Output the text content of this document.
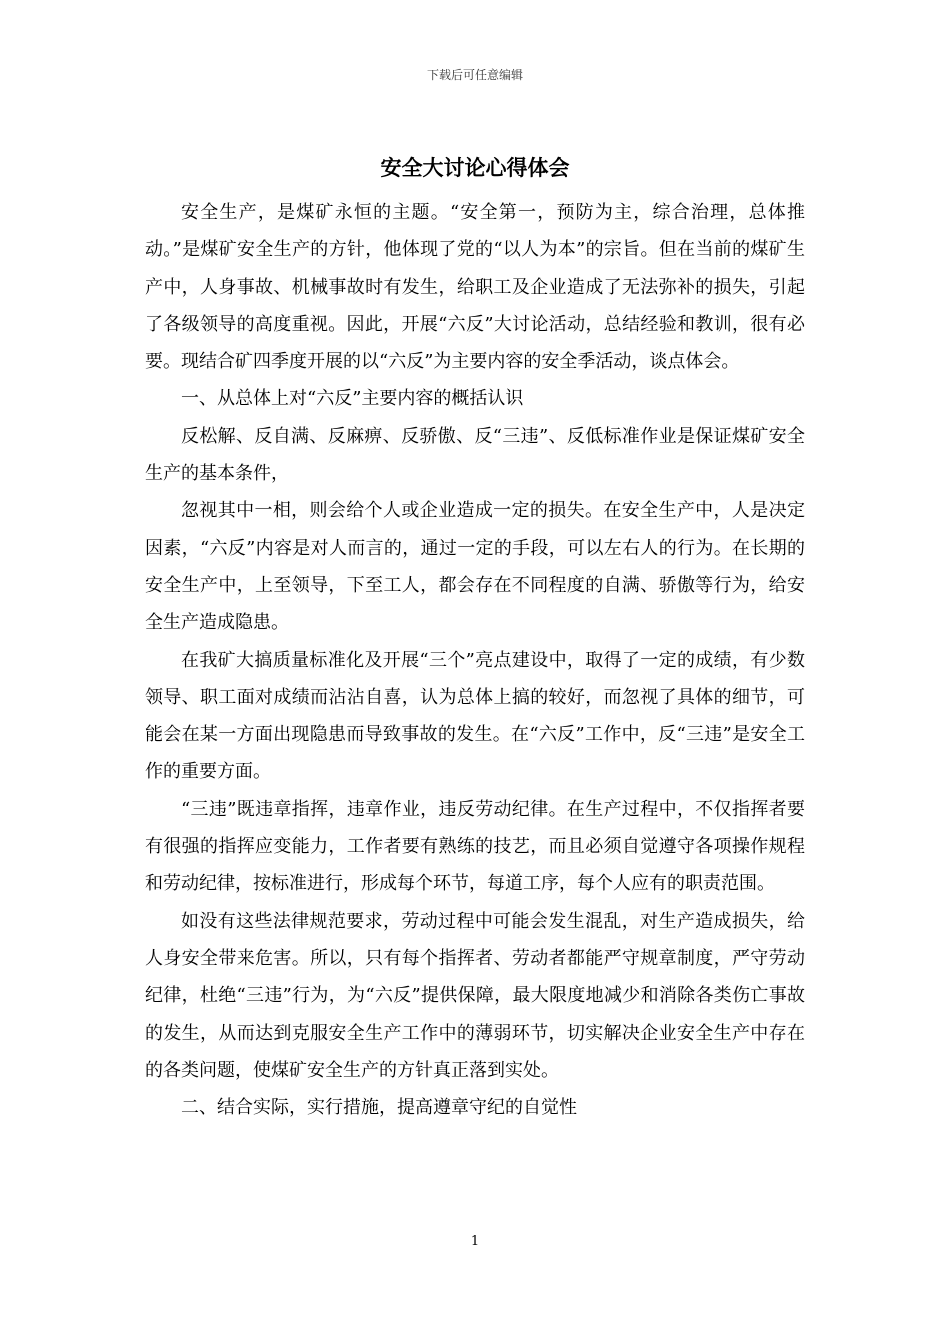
下载后可任意编辑
安全大讨论心得体会

安全生产，是煤矿永恒的主题。“安全第一，预防为主，综合治理，总体推动。”是煤矿安全生产的方针，他体现了党的“以人为本”的宗旨。但在当前的煤矿生产中，人身事故、机械事故时有发生，给职工及企业造成了无法弥补的损失，引起了各级领导的高度重视。因此，开展“六反”大讨论活动，总结经验和教训，很有必要。现结合矿四季度开展的以“六反”为主要内容的安全季活动，谈点体会。

一、从总体上对“六反”主要内容的概括认识

反松解、反自满、反麻痹、反骄傲、反“三违”、反低标准作业是保证煤矿安全生产的基本条件，

忽视其中一相，则会给个人或企业造成一定的损失。在安全生产中，人是决定因素，“六反”内容是对人而言的，通过一定的手段，可以左右人的行为。在长期的安全生产中，上至领导，下至工人，都会存在不同程度的自满、骄傲等行为，给安全生产造成隐患。

在我矿大搞质量标准化及开展“三个”亮点建设中，取得了一定的成绩，有少数领导、职工面对成绩而沾沾自喜，认为总体上搞的较好，而忽视了具体的细节，可能会在某一方面出现隐患而导致事故的发生。在“六反”工作中，反“三违”是安全工作的重要方面。

“三违”既违章指挥，违章作业，违反劳动纪律。在生产过程中，不仅指挥者要有很强的指挥应变能力，工作者要有熟练的技艺，而且必须自觉遵守各项操作规程和劳动纪律，按标准进行，形成每个环节，每道工序，每个人应有的职责范围。

如没有这些法律规范要求，劳动过程中可能会发生混乱，对生产造成损失，给人身安全带来危害。所以，只有每个指挥者、劳动者都能严守规章制度，严守劳动纪律，杜绝“三违”行为，为“六反”提供保障，最大限度地减少和消除各类伤亡事故的发生，从而达到克服安全生产工作中的薄弱环节，切实解决企业安全生产中存在的各类问题，使煤矿安全生产的方针真正落到实处。

二、结合实际，实行措施，提高遵章守纪的自觉性

1
